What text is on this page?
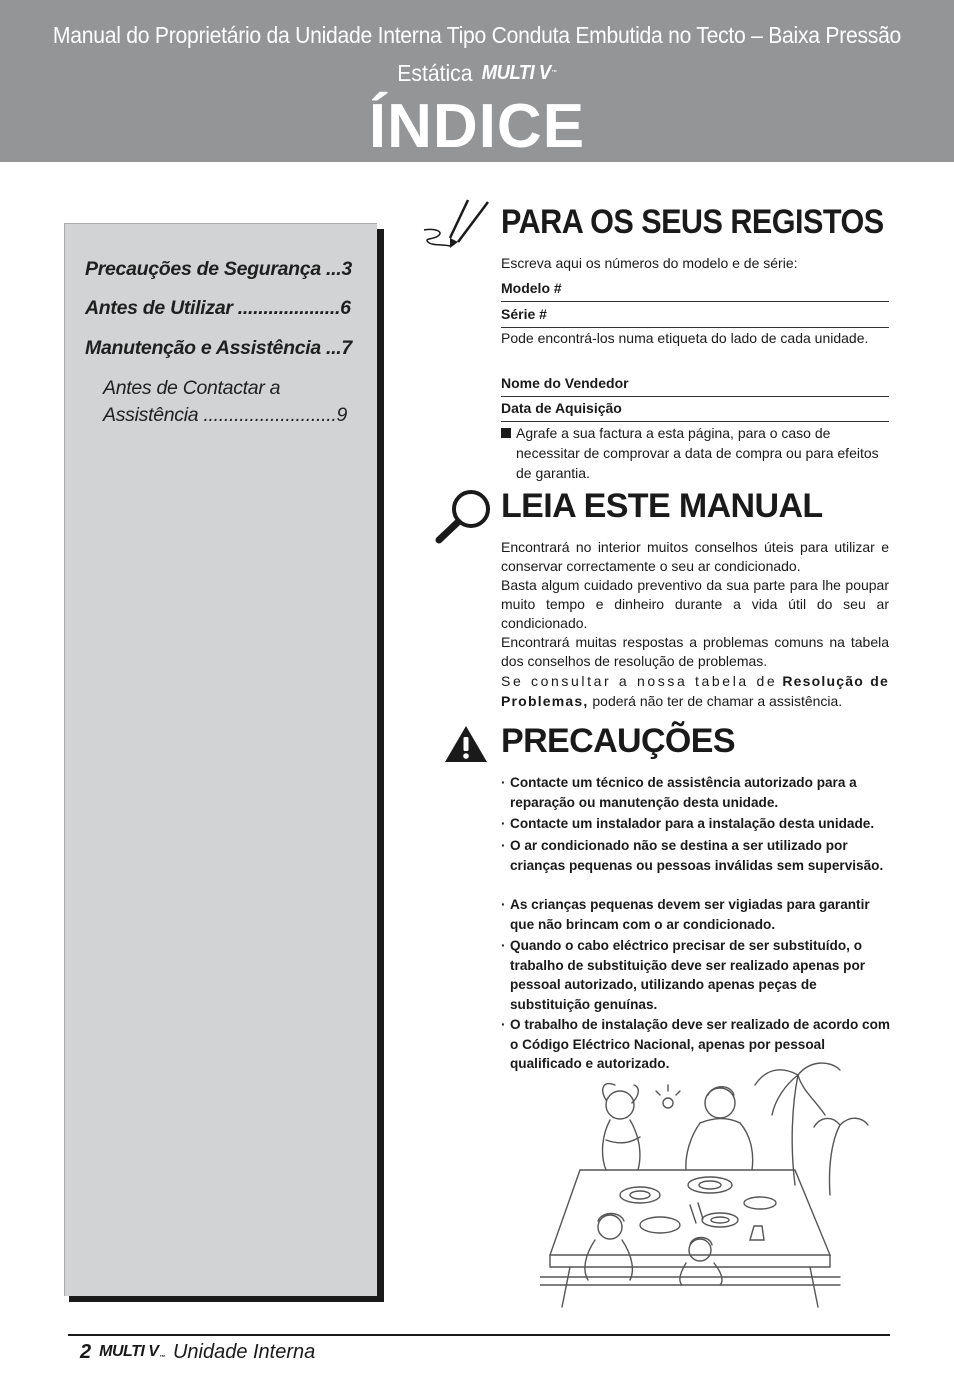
Manual do Proprietário da Unidade Interna Tipo Conduta Embutida no Tecto – Baixa Pressão
Estática MULTI V ™
ÍNDICE
Precauções de Segurança ...3
Antes de Utilizar ....................6
Manutenção e Assistência ...7
Antes de Contactar a
Assistência ..........................9
PARA OS SEUS REGISTOS
Escreva aqui os números do modelo e de série:
Modelo #
Série #
Pode encontrá-los numa etiqueta do lado de cada unidade.
Nome do Vendedor
Data de Aquisição
Agrafe a sua factura a esta página, para o caso de necessitar de comprovar a data de compra ou para efeitos de garantia.
LEIA ESTE MANUAL
Encontrará no interior muitos conselhos úteis para utilizar e conservar correctamente o seu ar condicionado.
Basta algum cuidado preventivo da sua parte para lhe poupar muito tempo e dinheiro durante a vida útil do seu ar condicionado.
Encontrará muitas respostas a problemas comuns na tabela dos conselhos de resolução de problemas.
Se consultar a nossa tabela de Resolução de Problemas, poderá não ter de chamar a assistência.
PRECAUÇÕES
· Contacte um técnico de assistência autorizado para a reparação ou manutenção desta unidade.
· Contacte um instalador para a instalação desta unidade.
· O ar condicionado não se destina a ser utilizado por crianças pequenas ou pessoas inválidas sem supervisão.
· As crianças pequenas devem ser vigiadas para garantir que não brincam com o ar condicionado.
· Quando o cabo eléctrico precisar de ser substituído, o trabalho de substituição deve ser realizado apenas por pessoal autorizado, utilizando apenas peças de substituição genuínas.
· O trabalho de instalação deve ser realizado de acordo com o Código Eléctrico Nacional, apenas por pessoal qualificado e autorizado.
2 MULTI V ™ Unidade Interna
